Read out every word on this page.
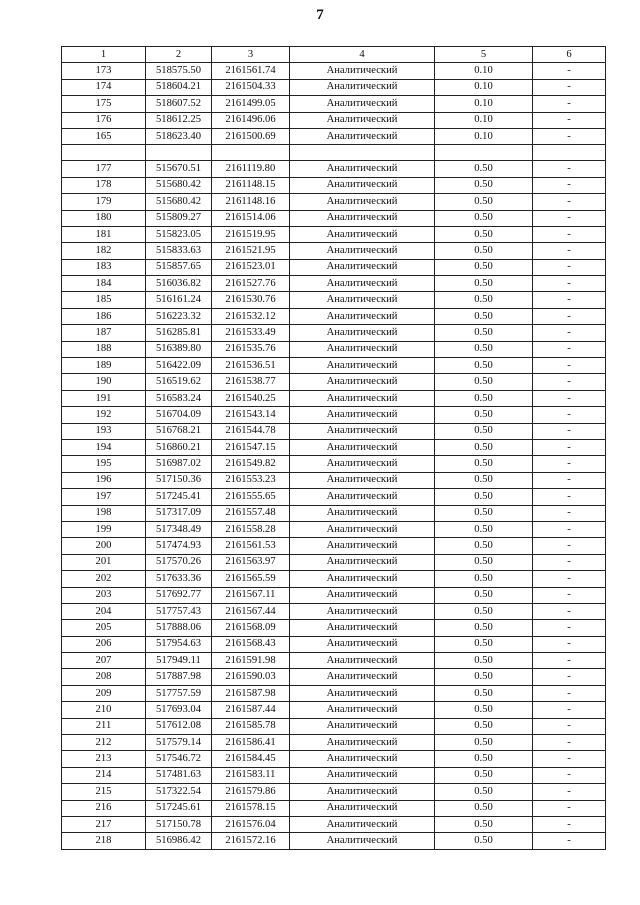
7
1	2	3	4	5	6
173	518575.50	2161561.74	Аналитический	0.10	-
174	518604.21	2161504.33	Аналитический	0.10	-
175	518607.52	2161499.05	Аналитический	0.10	-
176	518612.25	2161496.06	Аналитический	0.10	-
165	518623.40	2161500.69	Аналитический	0.10	-

177	515670.51	2161119.80	Аналитический	0.50	-
178	515680.42	2161148.15	Аналитический	0.50	-
179	515680.42	2161148.16	Аналитический	0.50	-
180	515809.27	2161514.06	Аналитический	0.50	-
181	515823.05	2161519.95	Аналитический	0.50	-
182	515833.63	2161521.95	Аналитический	0.50	-
183	515857.65	2161523.01	Аналитический	0.50	-
184	516036.82	2161527.76	Аналитический	0.50	-
185	516161.24	2161530.76	Аналитический	0.50	-
186	516223.32	2161532.12	Аналитический	0.50	-
187	516285.81	2161533.49	Аналитический	0.50	-
188	516389.80	2161535.76	Аналитический	0.50	-
189	516422.09	2161536.51	Аналитический	0.50	-
190	516519.62	2161538.77	Аналитический	0.50	-
191	516583.24	2161540.25	Аналитический	0.50	-
192	516704.09	2161543.14	Аналитический	0.50	-
193	516768.21	2161544.78	Аналитический	0.50	-
194	516860.21	2161547.15	Аналитический	0.50	-
195	516987.02	2161549.82	Аналитический	0.50	-
196	517150.36	2161553.23	Аналитический	0.50	-
197	517245.41	2161555.65	Аналитический	0.50	-
198	517317.09	2161557.48	Аналитический	0.50	-
199	517348.49	2161558.28	Аналитический	0.50	-
200	517474.93	2161561.53	Аналитический	0.50	-
201	517570.26	2161563.97	Аналитический	0.50	-
202	517633.36	2161565.59	Аналитический	0.50	-
203	517692.77	2161567.11	Аналитический	0.50	-
204	517757.43	2161567.44	Аналитический	0.50	-
205	517888.06	2161568.09	Аналитический	0.50	-
206	517954.63	2161568.43	Аналитический	0.50	-
207	517949.11	2161591.98	Аналитический	0.50	-
208	517887.98	2161590.03	Аналитический	0.50	-
209	517757.59	2161587.98	Аналитический	0.50	-
210	517693.04	2161587.44	Аналитический	0.50	-
211	517612.08	2161585.78	Аналитический	0.50	-
212	517579.14	2161586.41	Аналитический	0.50	-
213	517546.72	2161584.45	Аналитический	0.50	-
214	517481.63	2161583.11	Аналитический	0.50	-
215	517322.54	2161579.86	Аналитический	0.50	-
216	517245.61	2161578.15	Аналитический	0.50	-
217	517150.78	2161576.04	Аналитический	0.50	-
218	516986.42	2161572.16	Аналитический	0.50	-
